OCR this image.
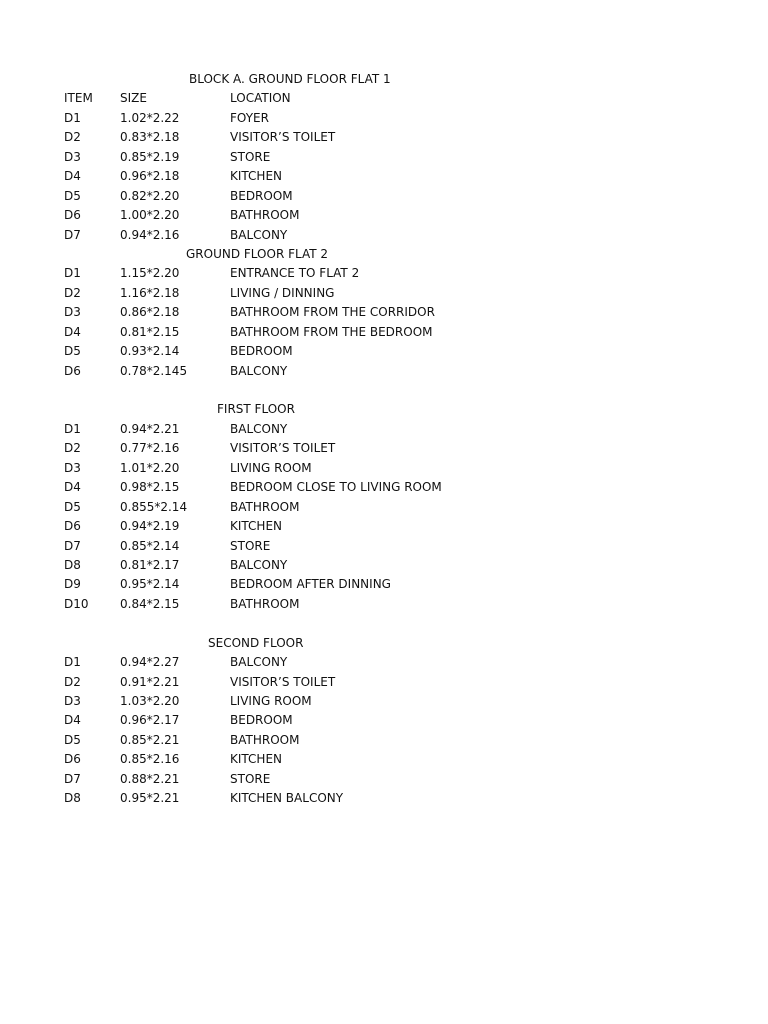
BLOCK A. GROUND FLOOR FLAT 1
ITEM SIZE	LOCATION
D1	1.02*2.22	FOYER
D2	0.83*2.18	VISITOR’S TOILET
D3	0.85*2.19	STORE
D4	0.96*2.18	KITCHEN
D5	0.82*2.20	BEDROOM
D6	1.00*2.20	BATHROOM
D7	0.94*2.16	BALCONY
GROUND FLOOR FLAT 2
D1	1.15*2.20	ENTRANCE TO FLAT 2
D2	1.16*2.18	LIVING / DINNING
D3	0.86*2.18	BATHROOM FROM THE CORRIDOR
D4	0.81*2.15	BATHROOM FROM THE BEDROOM
D5	0.93*2.14	BEDROOM
D6	0.78*2.145	BALCONY
FIRST FLOOR
D1	0.94*2.21	BALCONY
D2	0.77*2.16	VISITOR’S TOILET
D3	1.01*2.20	LIVING ROOM
D4	0.98*2.15	BEDROOM CLOSE TO LIVING ROOM
D5	0.855*2.14	BATHROOM
D6	0.94*2.19	KITCHEN
D7	0.85*2.14	STORE
D8	0.81*2.17	BALCONY
D9	0.95*2.14	BEDROOM AFTER DINNING
D10	0.84*2.15	BATHROOM
SECOND FLOOR
D1	0.94*2.27	BALCONY
D2	0.91*2.21	VISITOR’S TOILET
D3	1.03*2.20	LIVING ROOM
D4	0.96*2.17	BEDROOM
D5	0.85*2.21	BATHROOM
D6	0.85*2.16	KITCHEN
D7	0.88*2.21	STORE
D8	0.95*2.21	KITCHEN BALCONY
